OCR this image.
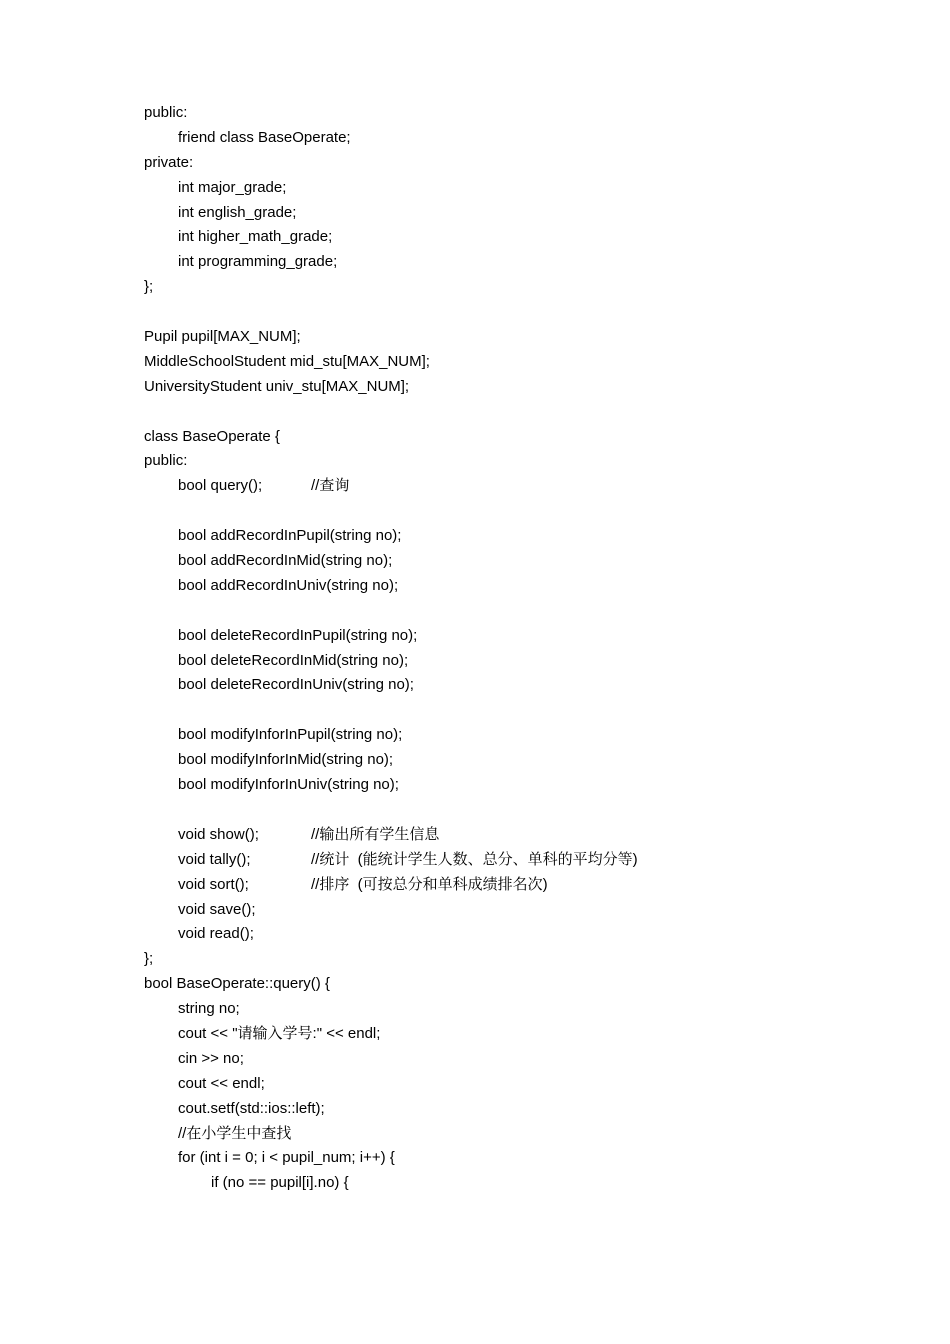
public:
friend class BaseOperate;
private:
int major_grade;
int english_grade;
int higher_math_grade;
int programming_grade;
};
Pupil pupil[MAX_NUM];
MiddleSchoolStudent mid_stu[MAX_NUM];
UniversityStudent univ_stu[MAX_NUM];
class BaseOperate {
public:
bool query();	//查询
bool addRecordInPupil(string no);
bool addRecordInMid(string no);
bool addRecordInUniv(string no);
bool deleteRecordInPupil(string no);
bool deleteRecordInMid(string no);
bool deleteRecordInUniv(string no);
bool modifyInforInPupil(string no);
bool modifyInforInMid(string no);
bool modifyInforInUniv(string no);
void show();	//输出所有学生信息
void tally();	//统计  (能统计学生人数、总分、单科的平均分等)
void sort();	//排序  (可按总分和单科成绩排名次)
void save();
void read();
};
bool BaseOperate::query() {
string no;
cout << "请输入学号:" << endl;
cin >> no;
cout << endl;
cout.setf(std::ios::left);
//在小学生中查找
for (int i = 0; i < pupil_num; i++) {
if (no == pupil[i].no) {
